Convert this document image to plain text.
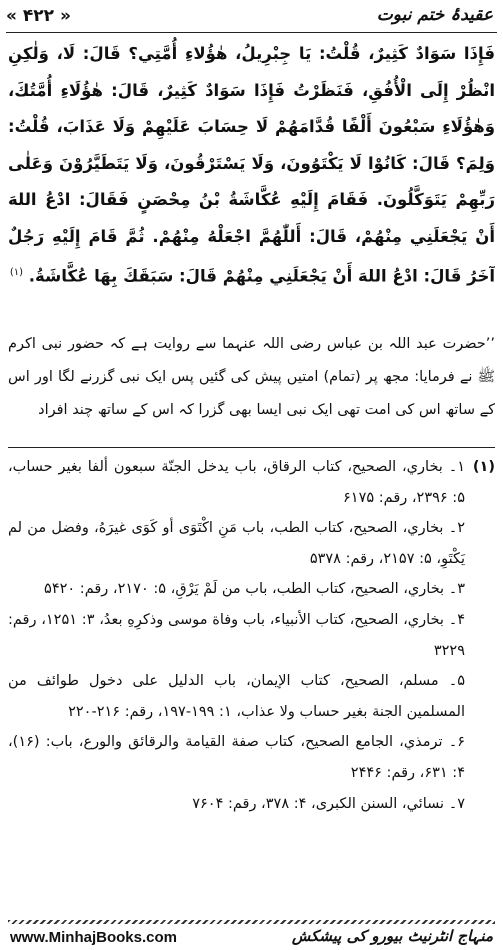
« ۴۲۲ »	عقیدۂ ختم نبوت
فَإِذَا سَوَادٌ كَثِيرٌ، قُلْتُ: يَا جِبْرِيلُ، هٰؤُلاءِ أُمَّتِي؟ قَالَ: لَا، وَلٰكِنِ انْظُرْ إِلَى الْأُفُقِ، فَنَظَرْتُ فَإِذَا سَوَادٌ كَثِيرٌ، قَالَ: هٰؤُلَاءِ أُمَّتُكَ، وَهٰؤُلَاءِ سَبْعُونَ أَلْفًا قُدَّامَهُمْ لَا حِسَابَ عَلَيْهِمْ وَلَا عَذَابَ، قُلْتُ: وَلِمَ؟ قَالَ: كَانُوْا لَا يَكْتَوُونَ، وَلَا يَسْتَرْقُونَ، وَلَا يَتَطَيَّرُوْنَ وَعَلٰى رَبِّهِمْ يَتَوَكَّلُونَ. فَقَامَ إِلَيْهِ عُكَّاشَةُ بْنُ مِحْصَنٍ فَقَالَ: ادْعُ اللهَ أَنْ يَجْعَلَنِي مِنْهُمْ، قَالَ: أَللّٰهُمَّ اجْعَلْهُ مِنْهُمْ. ثُمَّ قَامَ إِلَيْهِ رَجُلٌ آخَرُ قَالَ: ادْعُ اللهَ أَنْ يَجْعَلَنِي مِنْهُمْ قَالَ: سَبَقَكَ بِهَا عُكَّاشَةُ. $^{(۱)}$
’’حضرت عبد اللہ بن عباس رضی اللہ عنہما سے روایت ہے کہ حضور نبی اکرم ﷺ نے فرمایا: مجھ پر (تمام) امتیں پیش کی گئیں پس ایک نبی گزرنے لگا اور اس کے ساتھ اس کی امت تھی ایک نبی ایسا بھی گزرا کہ اس کے ساتھ چند افراد
(۱)
۱۔ بخاري، الصحيح، كتاب الرقاق، باب يدخل الجنّة سبعون ألفا بغير حساب، ۵: ۲۳۹۶، رقم: ۶۱۷۵
۲۔ بخاري، الصحيح، كتاب الطب، باب مَنِ اكْتَوَى أو كَوَى غيرَهُ، وفضل من لم يَكْتَوِ، ۵: ۲۱۵۷، رقم: ۵۳۷۸
۳۔ بخاري، الصحيح، كتاب الطب، باب من لَمْ يَرْقِ، ۵: ۲۱۷۰، رقم: ۵۴۲۰
۴۔ بخاري، الصحيح، كتاب الأنبياء، باب وفاة موسى وذكرِهِ بعدُ، ۳: ۱۲۵۱، رقم: ۳۲۲۹
۵۔ مسلم، الصحيح، كتاب الإيمان، باب الدليل على دخول طوائف من المسلمين الجنة بغير حساب ولا عذاب، ۱: ۱۹۹-۱۹۷، رقم: ۲۱۶-۲۲۰
۶۔ ترمذي، الجامع الصحيح، كتاب صفة القيامة والرقائق والورع، باب: (۱۶)، ۴: ۶۳۱، رقم: ۲۴۴۶
۷۔ نسائي، السنن الكبرى، ۴: ۳۷۸، رقم: ۷۶۰۴
www.MinhajBooks.com	منہاج انٹرنیٹ بیورو کی پیشکش
